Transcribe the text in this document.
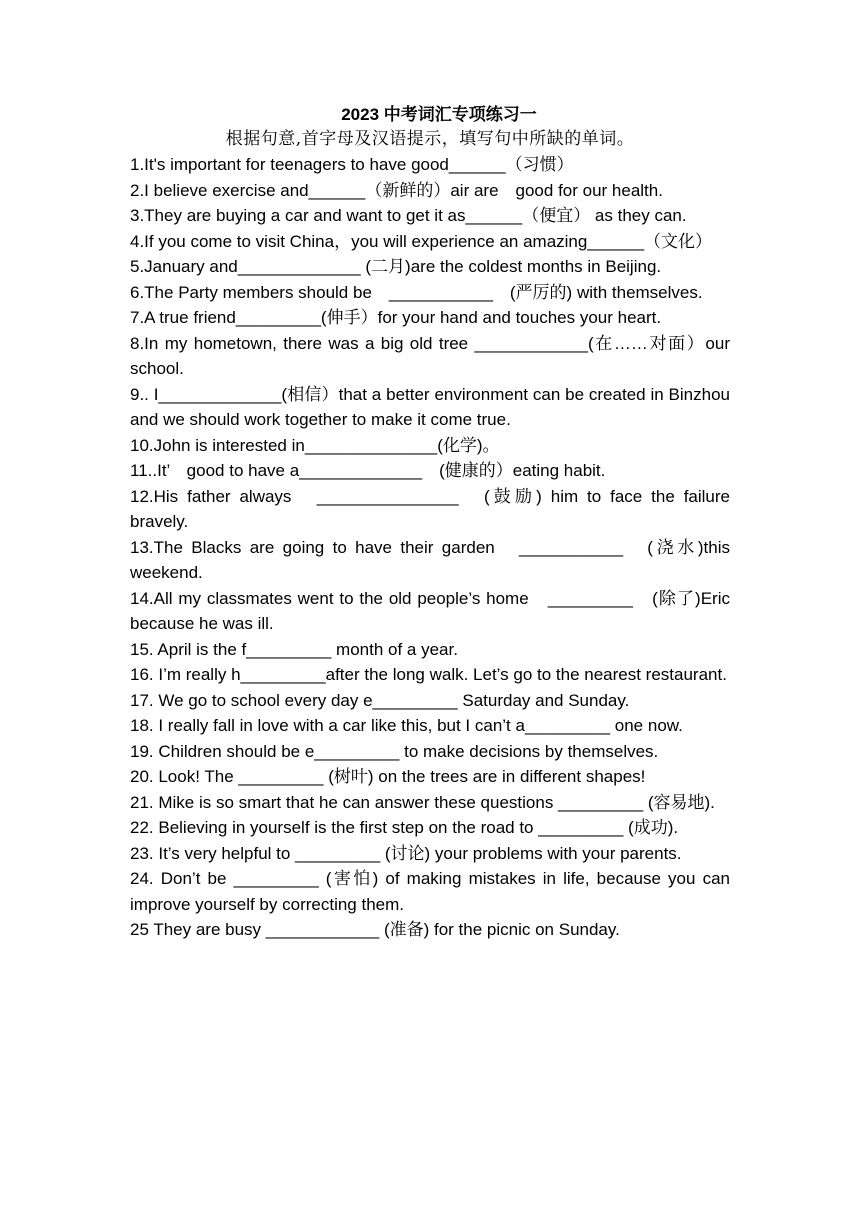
2023 中考词汇专项练习一
根据句意,首字母及汉语提示，填写句中所缺的单词。
1.It's important for teenagers to have good______（习惯）
2.I believe exercise and______（新鲜的）air are　good for our health.
3.They are buying a car and want to get it as______（便宜） as they can.
4.If you come to visit China，you will experience an amazing______（文化）
5.January and_____________ (二月)are the coldest months in Beijing.
6.The Party members should be　___________　(严厉的) with themselves.
7.A true friend_________(伸手）for your hand and touches your heart.
8.In my hometown, there was a big old tree ____________(在……对面）our school.
9.. I_____________(相信）that a better environment can be created in Binzhou and we should work together to make it come true.
10.John is interested in______________(化学)。
11..It’　good to have a_____________　(健康的）eating habit.
12.His father always　_______________　(鼓励) him to face the failure bravely.
13.The Blacks are going to have their garden　___________　(浇水)this weekend.
14.All my classmates went to the old people’s home　_________　(除了)Eric because he was ill.
15. April is the f_________ month of a year.
16. I’m really h_________after the long walk. Let’s go to the nearest restaurant.
17. We go to school every day e_________ Saturday and Sunday.
18. I really fall in love with a car like this, but I can’t a_________ one now.
19. Children should be e_________ to make decisions by themselves.
20. Look! The _________ (树叶) on the trees are in different shapes!
21. Mike is so smart that he can answer these questions _________ (容易地).
22. Believing in yourself is the first step on the road to _________ (成功).
23. It’s very helpful to _________ (讨论) your problems with your parents.
24. Don’t be _________ (害怕) of making mistakes in life, because you can improve yourself by correcting them.
25 They are busy ____________ (准备) for the picnic on Sunday.
